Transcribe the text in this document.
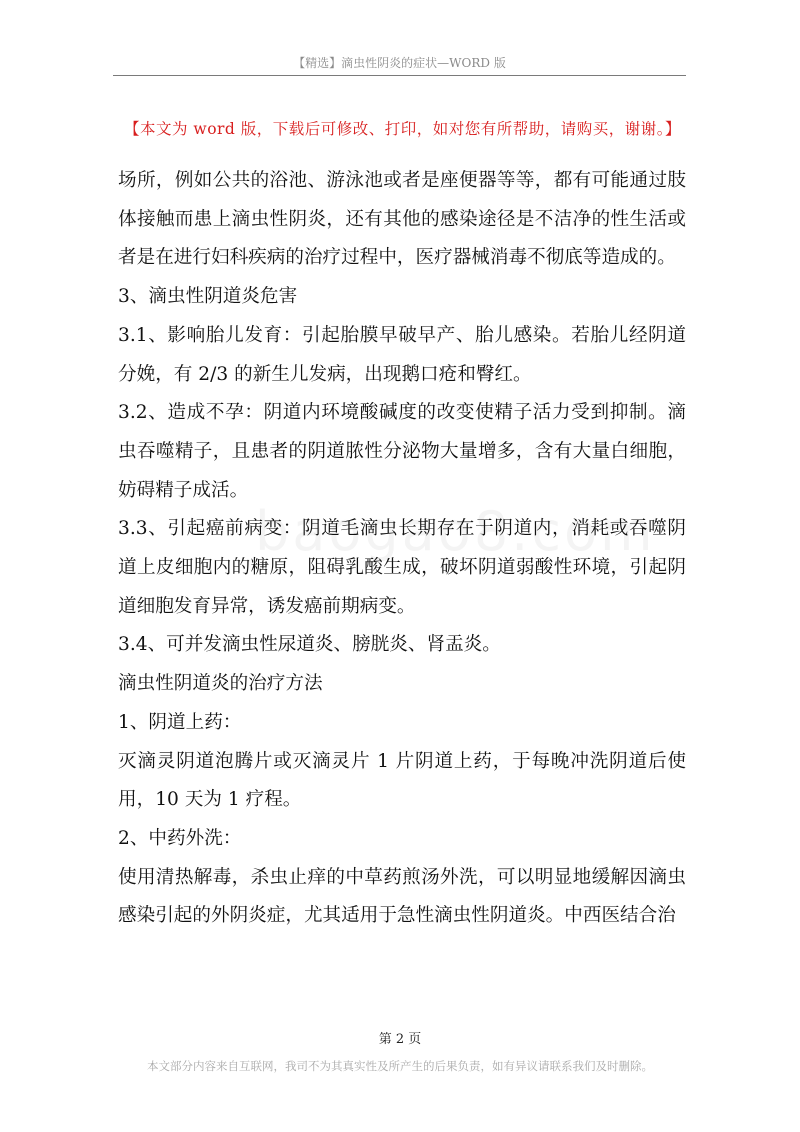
【精选】滴虫性阴炎的症状—WORD 版
【本文为 word 版，下载后可修改、打印，如对您有所帮助，请购买，谢谢。】

场所，例如公共的浴池、游泳池或者是座便器等等，都有可能通过肢体接触而患上滴虫性阴炎，还有其他的感染途径是不洁净的性生活或者是在进行妇科疾病的治疗过程中，医疗器械消毒不彻底等造成的。

3、滴虫性阴道炎危害

3.1、影响胎儿发育：引起胎膜早破早产、胎儿感染。若胎儿经阴道分娩，有 2/3 的新生儿发病，出现鹅口疮和臀红。

3.2、造成不孕：阴道内环境酸碱度的改变使精子活力受到抑制。滴虫吞噬精子，且患者的阴道脓性分泌物大量增多，含有大量白细胞，妨碍精子成活。

3.3、引起癌前病变：阴道毛滴虫长期存在于阴道内，消耗或吞噬阴道上皮细胞内的糖原，阻碍乳酸生成，破坏阴道弱酸性环境，引起阴道细胞发育异常，诱发癌前期病变。

3.4、可并发滴虫性尿道炎、膀胱炎、肾盂炎。

滴虫性阴道炎的治疗方法

1、阴道上药：

灭滴灵阴道泡腾片或灭滴灵片 1 片阴道上药，于每晚冲洗阴道后使用，10 天为 1 疗程。

2、中药外洗：

使用清热解毒，杀虫止痒的中草药煎汤外洗，可以明显地缓解因滴虫感染引起的外阴炎症，尤其适用于急性滴虫性阴道炎。中西医结合治

第 2 页
本文部分内容来自互联网，我司不为其真实性及所产生的后果负责，如有异议请联系我们及时删除。
